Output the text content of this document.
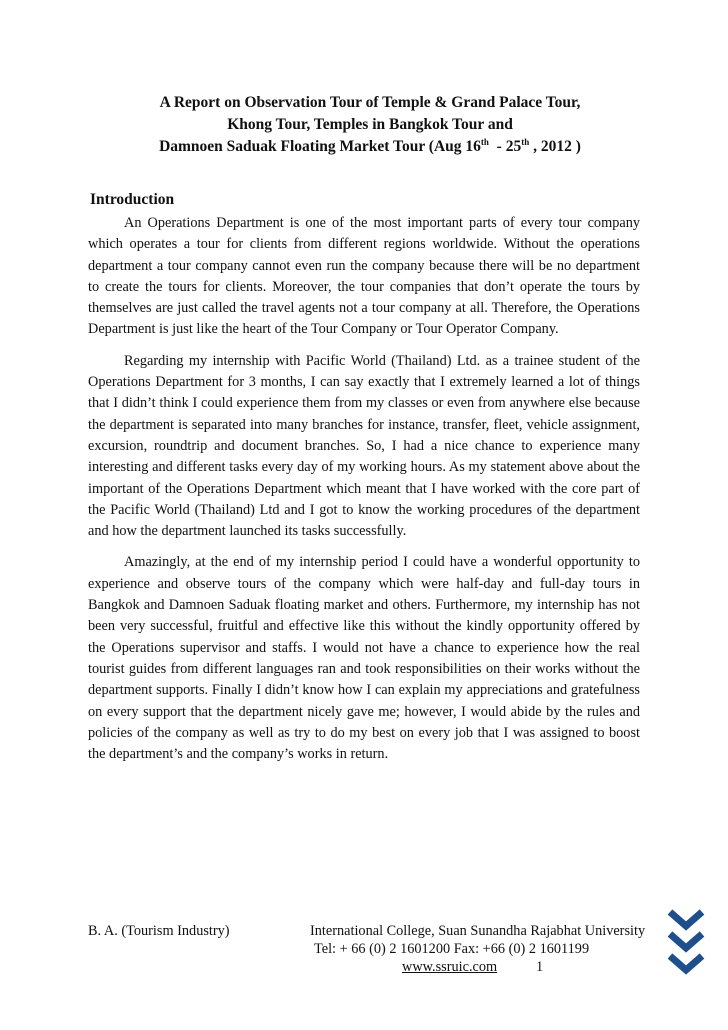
A Report on Observation Tour of Temple & Grand Palace Tour,
Khong Tour, Temples in Bangkok Tour and
Damnoen Saduak Floating Market Tour (Aug 16th  - 25th , 2012 )
Introduction

An Operations Department is one of the most important parts of every tour company which operates a tour for clients from different regions worldwide. Without the operations department a tour company cannot even run the company because there will be no department to create the tours for clients. Moreover, the tour companies that don’t operate the tours by themselves are just called the travel agents not a tour company at all. Therefore, the Operations Department is just like the heart of the Tour Company or Tour Operator Company.

Regarding my internship with Pacific World (Thailand) Ltd. as a trainee student of the Operations Department for 3 months, I can say exactly that I extremely learned a lot of things that I didn’t think I could experience them from my classes or even from anywhere else because the department is separated into many branches for instance, transfer, fleet, vehicle assignment, excursion, roundtrip and document branches. So, I had a nice chance to experience many interesting and different tasks every day of my working hours. As my statement above about the important of the Operations Department which meant that I have worked with the core part of the Pacific World (Thailand) Ltd and I got to know the working procedures of the department and how the department launched its tasks successfully.

Amazingly, at the end of my internship period I could have a wonderful opportunity to experience and observe tours of the company which were half-day and full-day tours in Bangkok and Damnoen Saduak floating market and others. Furthermore, my internship has not been very successful, fruitful and effective like this without the kindly opportunity offered by the Operations supervisor and staffs. I would not have a chance to experience how the real tourist guides from different languages ran and took responsibilities on their works without the department supports. Finally I didn’t know how I can explain my appreciations and gratefulness on every support that the department nicely gave me; however, I would abide by the rules and policies of the company as well as try to do my best on every job that I was assigned to boost the department’s and the company’s works in return.

B. A. (Tourism Industry)	International College, Suan Sunandha Rajabhat University
Tel: + 66 (0) 2 1601200 Fax: +66 (0) 2 1601199
www.ssruic.com	1
